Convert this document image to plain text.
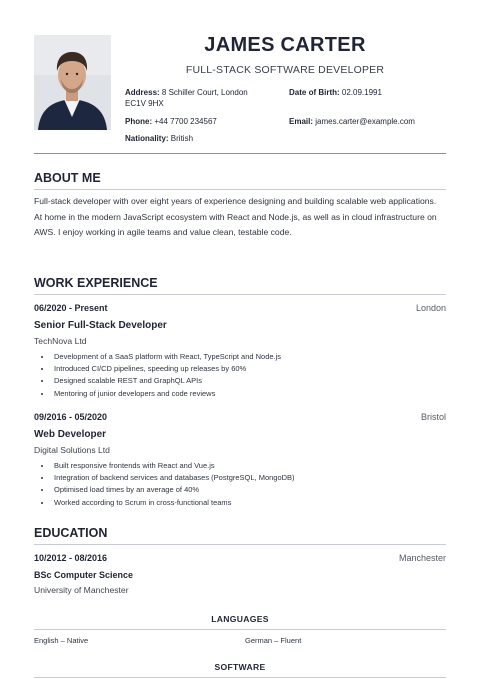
JAMES CARTER
FULL-STACK SOFTWARE DEVELOPER
Address: 8 Schiller Court, London
EC1V 9HX
Date of Birth: 02.09.1991
Phone: +44 7700 234567	Email: james.carter@example.com
Nationality: British
ABOUT ME
Full-stack developer with over eight years of experience designing and building scalable web applications. At home in the modern JavaScript ecosystem with React and Node.js, as well as in cloud infrastructure on AWS. I enjoy working in agile teams and value clean, testable code.
WORK EXPERIENCE
06/2020 - Present	London
Senior Full-Stack Developer
TechNova Ltd
• Development of a SaaS platform with React, TypeScript and Node.js
• Introduced CI/CD pipelines, speeding up releases by 60%
• Designed scalable REST and GraphQL APIs
• Mentoring of junior developers and code reviews
09/2016 - 05/2020	Bristol
Web Developer
Digital Solutions Ltd
• Built responsive frontends with React and Vue.js
• Integration of backend services and databases (PostgreSQL, MongoDB)
• Optimised load times by an average of 40%
• Worked according to Scrum in cross-functional teams
EDUCATION
10/2012 - 08/2016	Manchester
BSc Computer Science
University of Manchester
LANGUAGES
English – Native	German – Fluent
SOFTWARE
